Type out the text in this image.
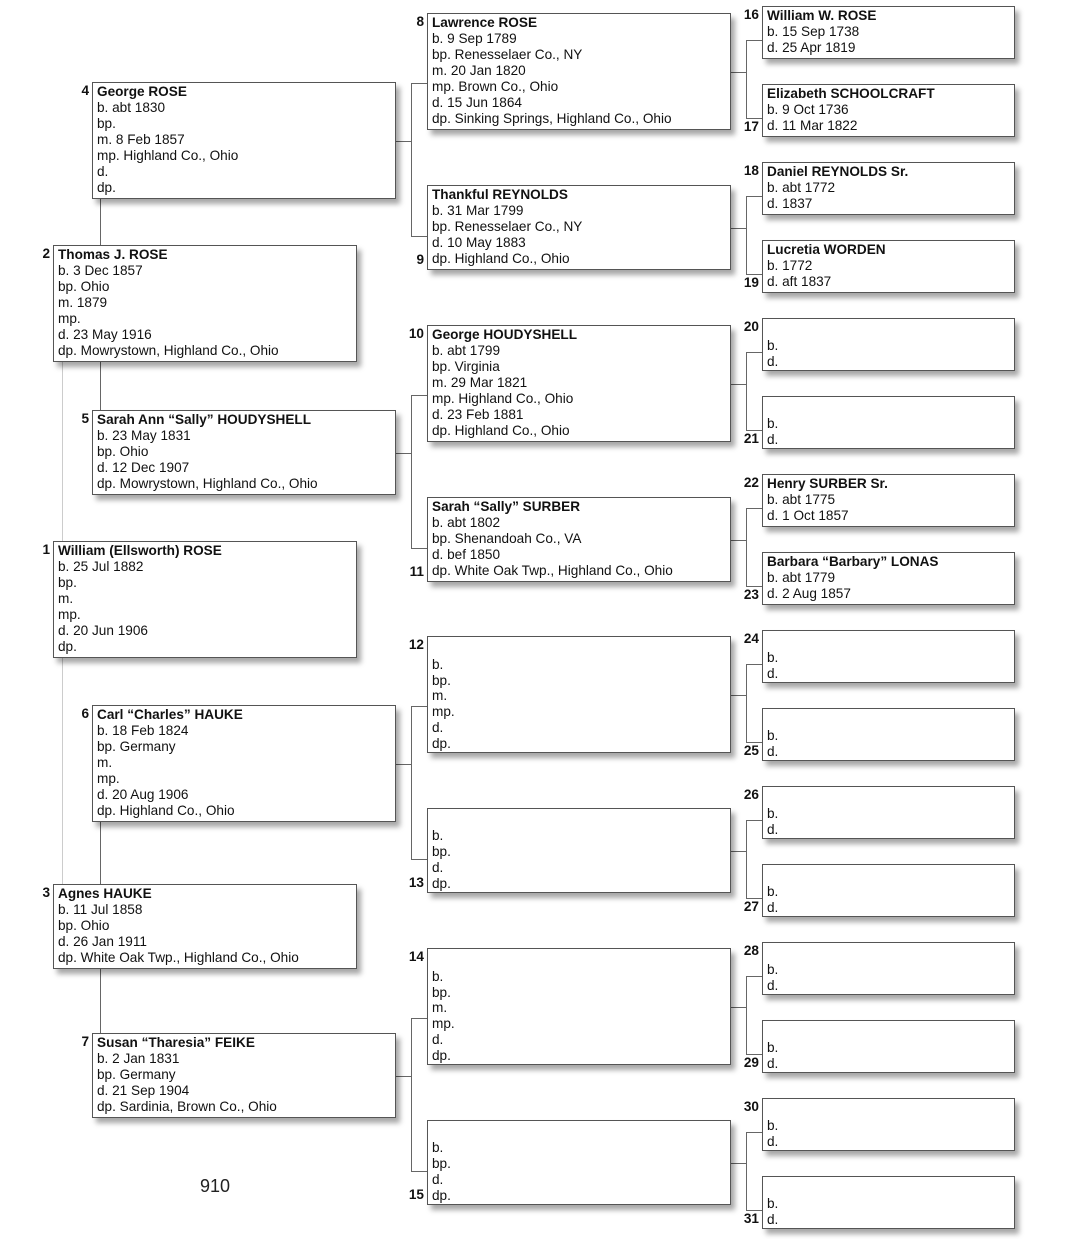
William (Ellsworth) ROSE
b. 25 Jul 1882
bp.
m.
mp.
d. 20 Jun 1906
dp.
1
Thomas J. ROSE
b. 3 Dec 1857
bp. Ohio
m. 1879
mp.
d. 23 May 1916
dp. Mowrystown, Highland Co., Ohio
2
Agnes HAUKE
b. 11 Jul 1858
bp. Ohio
d. 26 Jan 1911
dp. White Oak Twp., Highland Co., Ohio
3
George ROSE
b. abt 1830
bp.
m. 8 Feb 1857
mp. Highland Co., Ohio
d.
dp.
4
Sarah Ann “Sally” HOUDYSHELL
b. 23 May 1831
bp. Ohio
d. 12 Dec 1907
dp. Mowrystown, Highland Co., Ohio
5
Carl “Charles” HAUKE
b. 18 Feb 1824
bp. Germany
m.
mp.
d. 20 Aug 1906
dp. Highland Co., Ohio
6
Susan “Tharesia” FEIKE
b. 2 Jan 1831
bp. Germany
d. 21 Sep 1904
dp. Sardinia, Brown Co., Ohio
7
Lawrence ROSE
b. 9 Sep 1789
bp. Renesselaer Co., NY
m. 20 Jan 1820
mp. Brown Co., Ohio
d. 15 Jun 1864
dp. Sinking Springs, Highland Co., Ohio
8
Thankful REYNOLDS
b. 31 Mar 1799
bp. Renesselaer Co., NY
d. 10 May 1883
dp. Highland Co., Ohio
9
George HOUDYSHELL
b. abt 1799
bp. Virginia
m. 29 Mar 1821
mp. Highland Co., Ohio
d. 23 Feb 1881
dp. Highland Co., Ohio
10
Sarah “Sally” SURBER
b. abt 1802
bp. Shenandoah Co., VA
d. bef 1850
dp. White Oak Twp., Highland Co., Ohio
11
b.
bp.
m.
mp.
d.
dp.
12
b.
bp.
d.
dp.
13
b.
bp.
m.
mp.
d.
dp.
14
b.
bp.
d.
dp.
15
William W. ROSE
b. 15 Sep 1738
d. 25 Apr 1819
16
Elizabeth SCHOOLCRAFT
b. 9 Oct 1736
d. 11 Mar 1822
17
Daniel REYNOLDS Sr.
b. abt 1772
d. 1837
18
Lucretia WORDEN
b. 1772
d. aft 1837
19
b.
d.
20
b.
d.
21
Henry SURBER Sr.
b. abt 1775
d. 1 Oct 1857
22
Barbara “Barbary” LONAS
b. abt 1779
d. 2 Aug 1857
23
b.
d.
24
b.
d.
25
b.
d.
26
b.
d.
27
b.
d.
28
b.
d.
29
b.
d.
30
b.
d.
31
910
